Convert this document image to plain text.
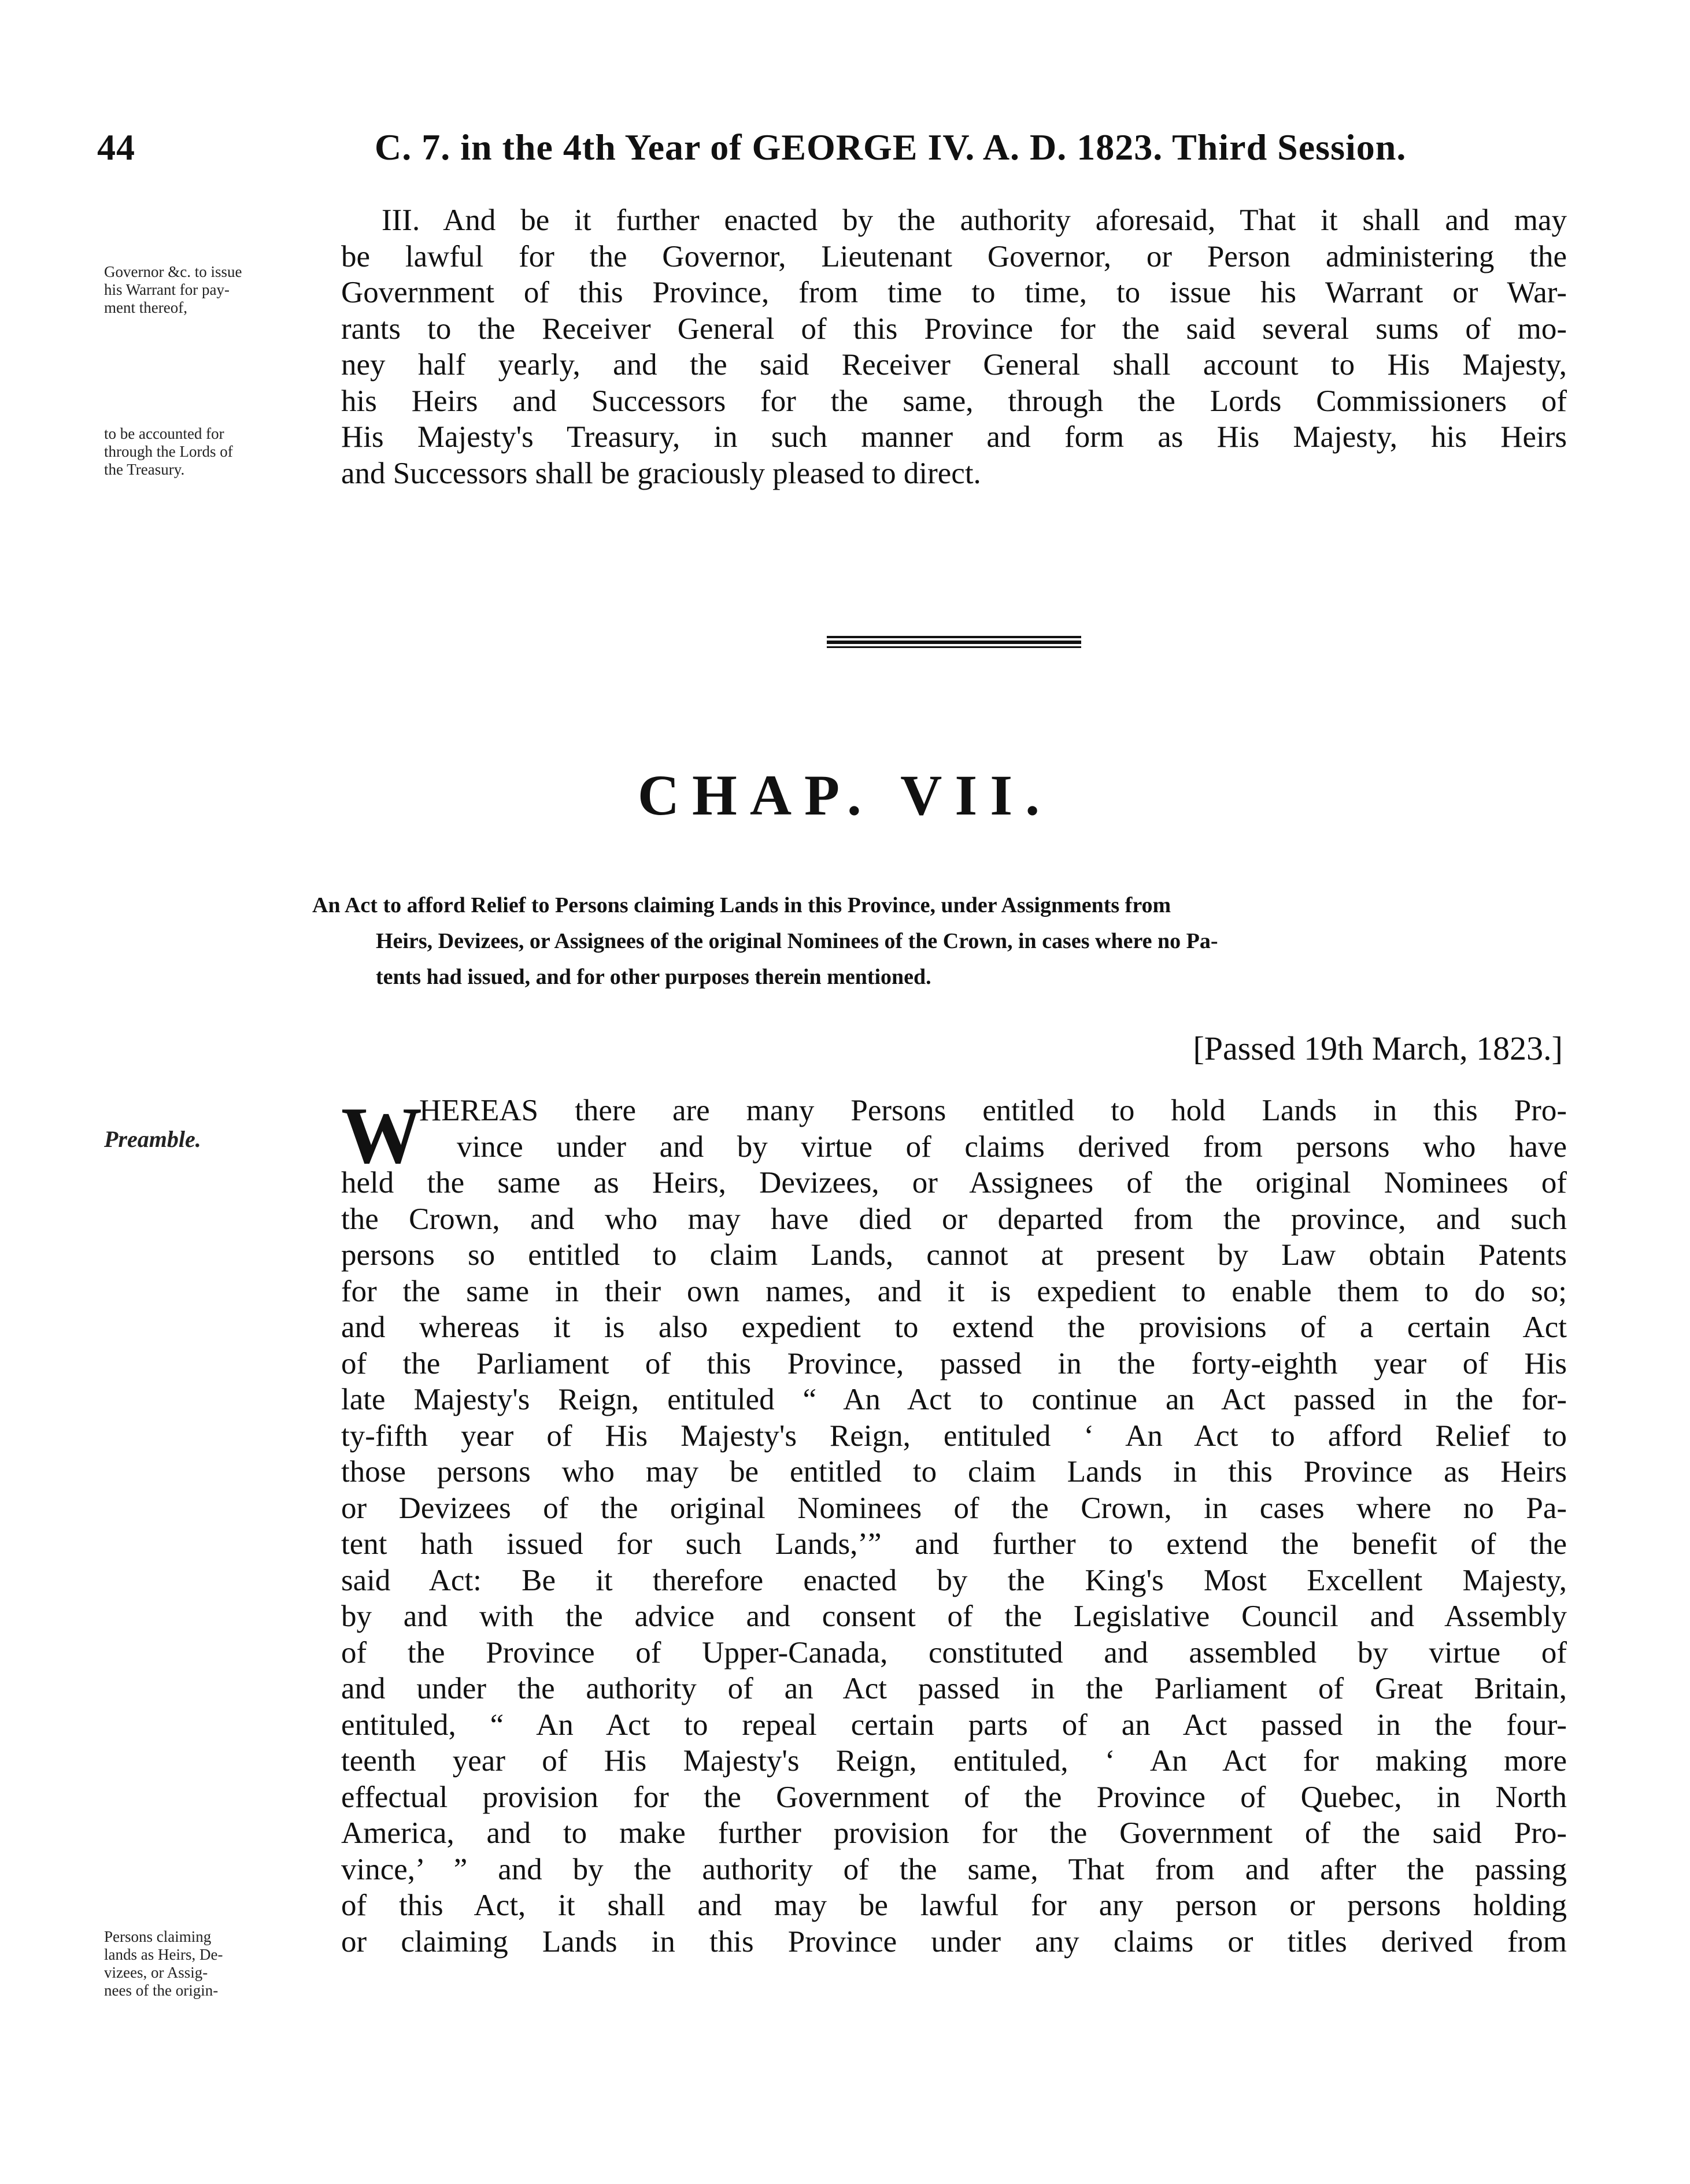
44	C. 7. in the 4th Year of GEORGE IV. A. D. 1823. Third Session.
Governor &c. to issue
his Warrant for pay-
ment thereof,
to be accounted for
through the Lords of
the Treasury.
Preamble.
Persons claiming
lands as Heirs, De-
vizees, or Assig-
nees of the origin-
III. And be it further enacted by the authority aforesaid, That it shall and may
be lawful for the Governor, Lieutenant Governor, or Person administering the
Government of this Province, from time to time, to issue his Warrant or War-
rants to the Receiver General of this Province for the said several sums of mo-
ney half yearly, and the said Receiver General shall account to His Majesty,
his Heirs and Successors for the same, through the Lords Commissioners of
His Majesty's Treasury, in such manner and form as His Majesty, his Heirs
and Successors shall be graciously pleased to direct.
CHAP. VII.
An Act to afford Relief to Persons claiming Lands in this Province, under Assignments from
Heirs, Devizees, or Assignees of the original Nominees of the Crown, in cases where no Pa-
tents had issued, and for other purposes therein mentioned.
[Passed 19th March, 1823.]
W
HEREAS there are many Persons entitled to hold Lands in this Pro-
vince under and by virtue of claims derived from persons who have
held the same as Heirs, Devizees, or Assignees of the original Nominees of
the Crown, and who may have died or departed from the province, and such
persons so entitled to claim Lands, cannot at present by Law obtain Patents
for the same in their own names, and it is expedient to enable them to do so;
and whereas it is also expedient to extend the provisions of a certain Act
of the Parliament of this Province, passed in the forty-eighth year of His
late Majesty's Reign, entituled “ An Act to continue an Act passed in the for-
ty-fifth year of His Majesty's Reign, entituled ‘ An Act to afford Relief to
those persons who may be entitled to claim Lands in this Province as Heirs
or Devizees of the original Nominees of the Crown, in cases where no Pa-
tent hath issued for such Lands,’” and further to extend the benefit of the
said Act: Be it therefore enacted by the King's Most Excellent Majesty,
by and with the advice and consent of the Legislative Council and Assembly
of the Province of Upper-Canada, constituted and assembled by virtue of
and under the authority of an Act passed in the Parliament of Great Britain,
entituled, “ An Act to repeal certain parts of an Act passed in the four-
teenth year of His Majesty's Reign, entituled, ‘ An Act for making more
effectual provision for the Government of the Province of Quebec, in North
America, and to make further provision for the Government of the said Pro-
vince,’ ” and by the authority of the same, That from and after the passing
of this Act, it shall and may be lawful for any person or persons holding
or claiming Lands in this Province under any claims or titles derived from
